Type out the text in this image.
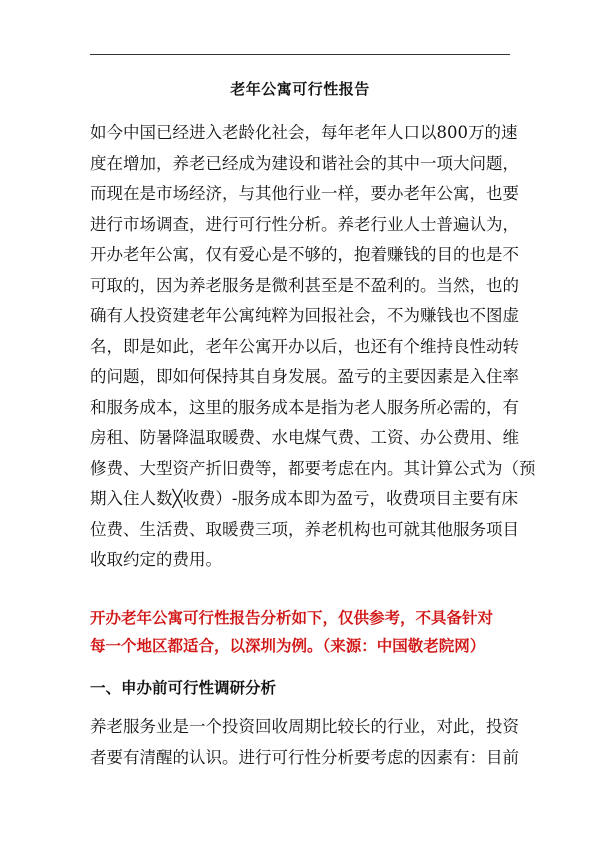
老年公寓可行性报告
如今中国已经进入老龄化社会，每年老年人口以800万的速
度在增加，养老已经成为建设和谐社会的其中一项大问题，
而现在是市场经济，与其他行业一样，要办老年公寓，也要
进行市场调查，进行可行性分析。养老行业人士普遍认为，
开办老年公寓，仅有爱心是不够的，抱着赚钱的目的也是不
可取的，因为养老服务是微利甚至是不盈利的。当然，也的
确有人投资建老年公寓纯粹为回报社会，不为赚钱也不图虚
名，即是如此，老年公寓开办以后，也还有个维持良性动转
的问题，即如何保持其自身发展。盈亏的主要因素是入住率
和服务成本，这里的服务成本是指为老人服务所必需的，有
房租、防暑降温取暖费、水电煤气费、工资、办公费用、维
修费、大型资产折旧费等，都要考虑在内。其计算公式为（预
期入住人数╳收费）-服务成本即为盈亏，收费项目主要有床
位费、生活费、取暖费三项，养老机构也可就其他服务项目
收取约定的费用。
开办老年公寓可行性报告分析如下，仅供参考，不具备针对
每一个地区都适合，以深圳为例。（来源：中国敬老院网）
一、申办前可行性调研分析
养老服务业是一个投资回收周期比较长的行业，对此，投资
者要有清醒的认识。进行可行性分析要考虑的因素有：目前
